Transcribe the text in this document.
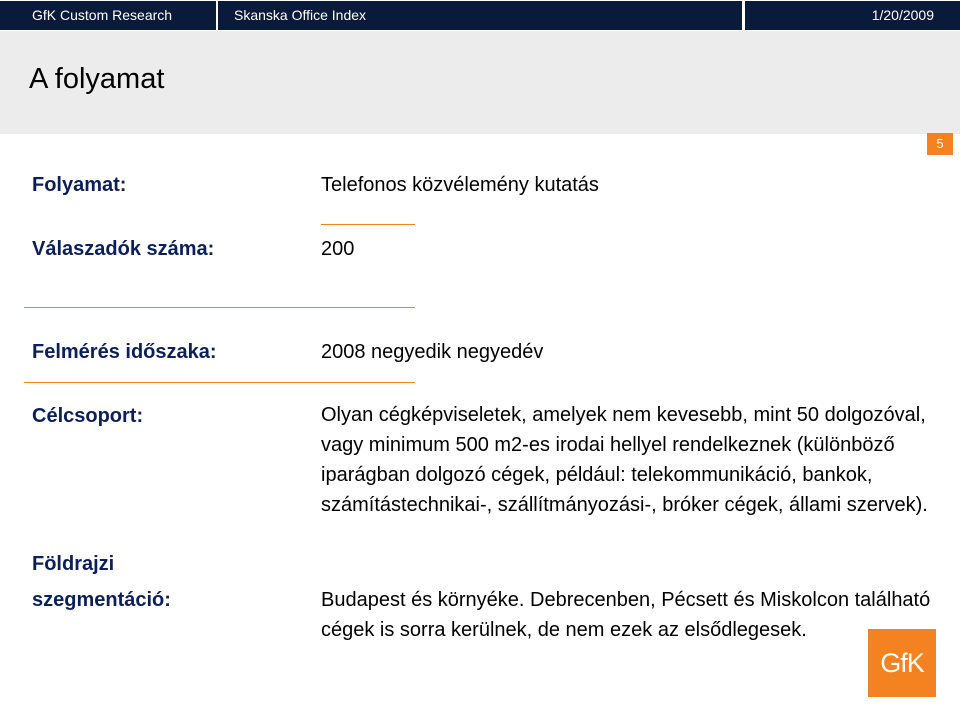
GfK Custom Research	Skanska Office Index	1/20/2009
A folyamat
5
Folyamat:	Telefonos közvélemény kutatás
Válaszadók száma:	200
Felmérés időszaka:	2008 negyedik negyedév
Célcsoport:	Olyan cégképviseletek, amelyek nem kevesebb, mint 50 dolgozóval, vagy minimum 500 m2-es irodai hellyel rendelkeznek (különböző iparágban dolgozó cégek, például: telekommunikáció, bankok, számítástechnikai-, szállítmányozási-, bróker cégek, állami szervek).
Földrajzi
szegmentáció:	Budapest és környéke. Debrecenben, Pécsett és Miskolcon található cégek is sorra kerülnek, de nem ezek az elsődlegesek.
GfK
